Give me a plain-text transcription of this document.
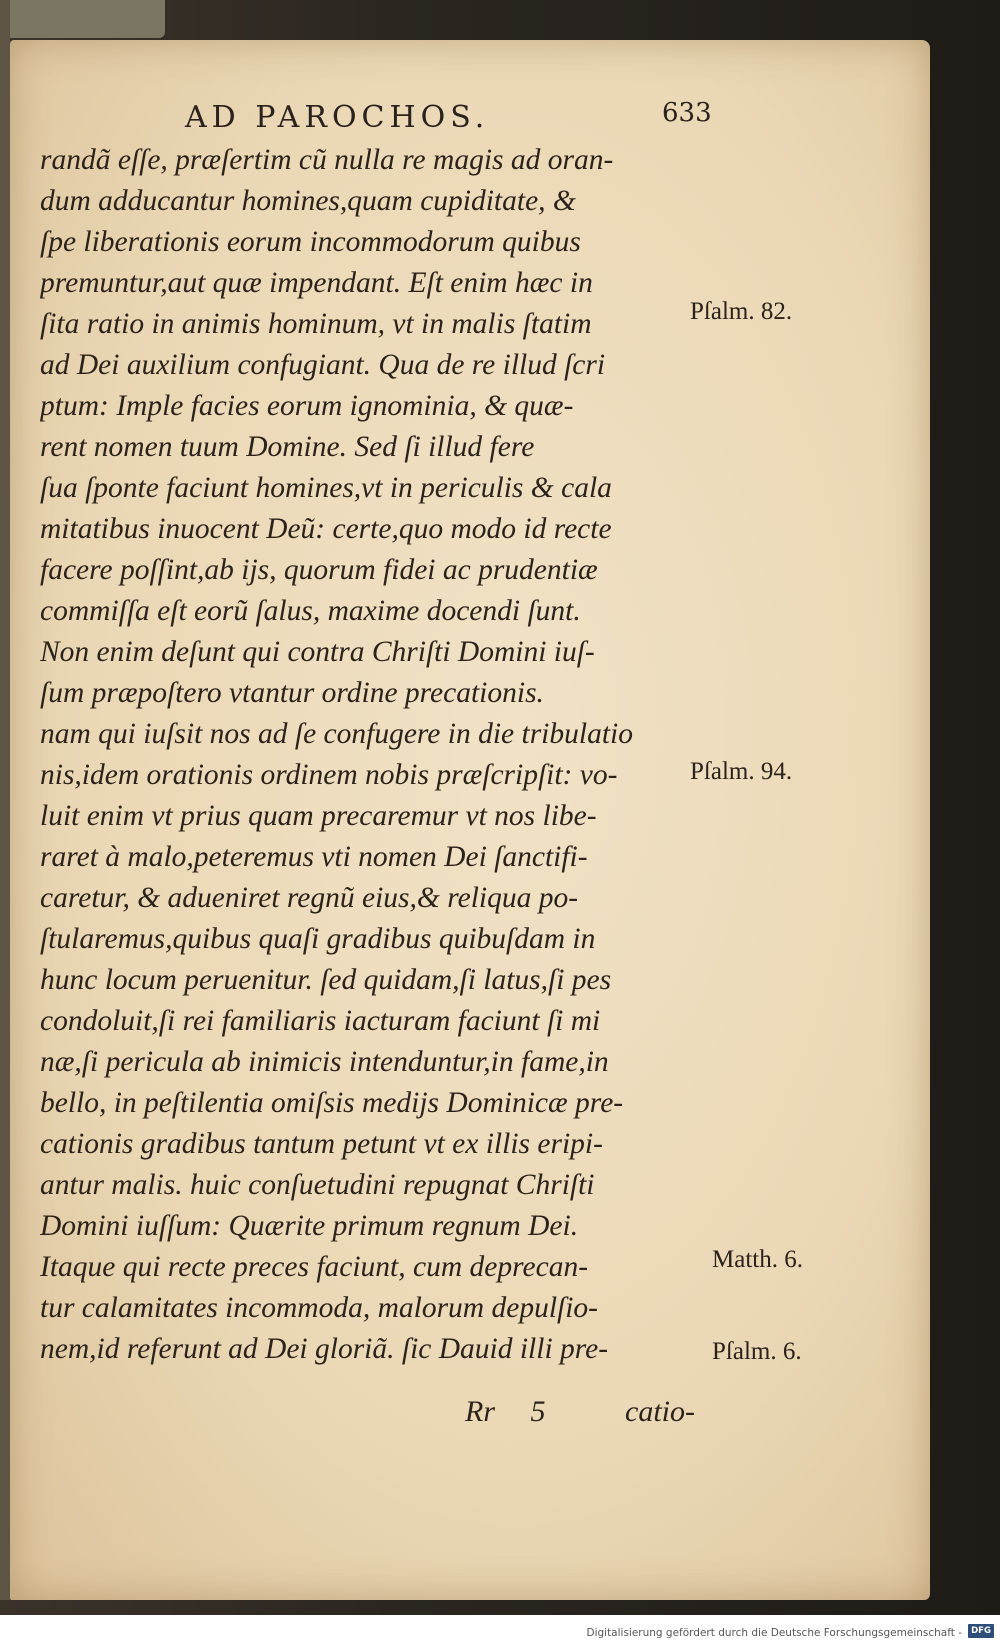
AD PAROCHOS.	633
randã eſſe, præſertim cũ nulla re magis ad oran-
dum adducantur homines,quam cupiditate, &
ſpe liberationis eorum incommodorum quibus
premuntur,aut quæ impendant. Eſt enim hæc in
ſita ratio in animis hominum, vt in malis ſtatim
ad Dei auxilium confugiant. Qua de re illud ſcri
ptum: Imple facies eorum ignominia, & quæ-
rent nomen tuum Domine. Sed ſi illud fere
ſua ſponte faciunt homines,vt in periculis & cala
mitatibus inuocent Deũ: certe,quo modo id recte
facere poſſint,ab ijs, quorum fidei ac prudentiæ
commiſſa eſt eorũ ſalus, maxime docendi ſunt.
Non enim deſunt qui contra Chriſti Domini iuſ-
ſum præpoſtero vtantur ordine precationis.
nam qui iuſsit nos ad ſe confugere in die tribulatio
nis,idem orationis ordinem nobis præſcripſit: vo-
luit enim vt prius quam precaremur vt nos libe-
raret à malo,peteremus vti nomen Dei ſanctifi-
caretur, & adueniret regnũ eius,& reliqua po-
ſtularemus,quibus quaſi gradibus quibuſdam in
hunc locum peruenitur. ſed quidam,ſi latus,ſi pes
condoluit,ſi rei familiaris iacturam faciunt ſi mi
næ,ſi pericula ab inimicis intenduntur,in fame,in
bello, in peſtilentia omiſsis medijs Dominicæ pre-
cationis gradibus tantum petunt vt ex illis eripi-
antur malis. huic conſuetudini repugnat Chriſti
Domini iuſſum: Quærite primum regnum Dei.
Itaque qui recte preces faciunt, cum deprecan-
tur calamitates incommoda, malorum depulſio-
nem,id referunt ad Dei gloriã. ſic Dauid illi pre-
Pſalm. 82.
Pſalm. 94.
Matth. 6.
Pſalm. 6.
Rr 5	catio-
Digitalisierung gefördert durch die Deutsche Forschungsgemeinschaft -	DFG
